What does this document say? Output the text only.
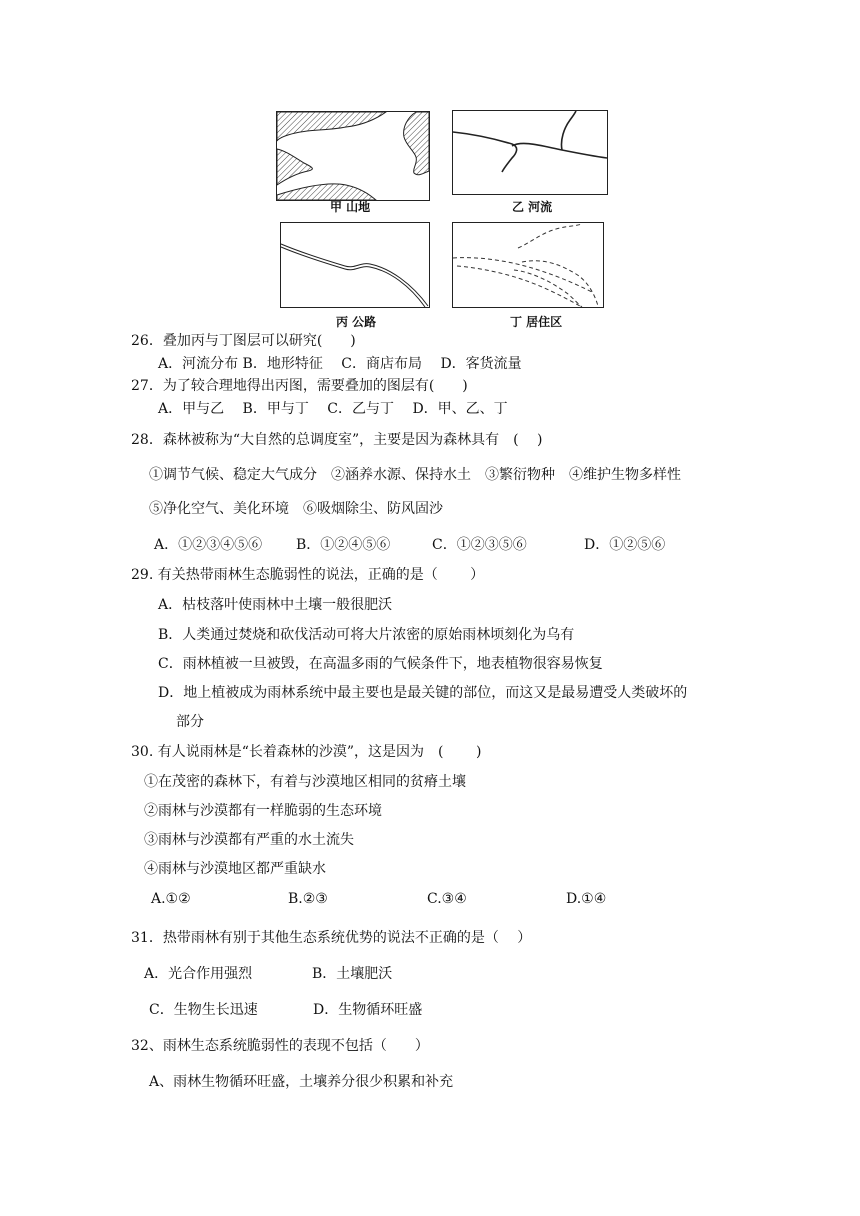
甲 山地	乙 河流
丙 公路	丁 居住区
26．叠加丙与丁图层可以研究(　　)
A．河流分布 B．地形特征　 C．商店布局　 D．客货流量
27．为了较合理地得出丙图，需要叠加的图层有(　　)
A．甲与乙　 B．甲与丁　 C．乙与丁　 D．甲、乙、丁
28．森林被称为“大自然的总调度室”，主要是因为森林具有　(　 )
①调节气候、稳定大气成分　②涵养水源、保持水土　③繁衍物种　④维护生物多样性
⑤净化空气、美化环境　⑥吸烟除尘、防风固沙
A．①②③④⑤⑥ B．①②④⑤⑥	C．①②③⑤⑥	D．①②⑤⑥
29. 有关热带雨林生态脆弱性的说法，正确的是（　　 ）
A．枯枝落叶使雨林中土壤一般很肥沃
B．人类通过焚烧和砍伐活动可将大片浓密的原始雨林顷刻化为乌有
C．雨林植被一旦被毁，在高温多雨的气候条件下，地表植物很容易恢复
D．地上植被成为雨林系统中最主要也是最关键的部位，而这又是最易遭受人类破坏的
部分
30. 有人说雨林是“长着森林的沙漠”，这是因为　(　　 )
①在茂密的森林下，有着与沙漠地区相同的贫瘠土壤
②雨林与沙漠都有一样脆弱的生态环境
③雨林与沙漠都有严重的水土流失
④雨林与沙漠地区都严重缺水
A.①②	B.②③	C.③④	D.①④
31．热带雨林有别于其他生态系统优势的说法不正确的是（　 ）
A．光合作用强烈	B．土壤肥沃
C．生物生长迅速	D．生物循环旺盛
32、雨林生态系统脆弱性的表现不包括（　　）
A、雨林生物循环旺盛，土壤养分很少积累和补充
